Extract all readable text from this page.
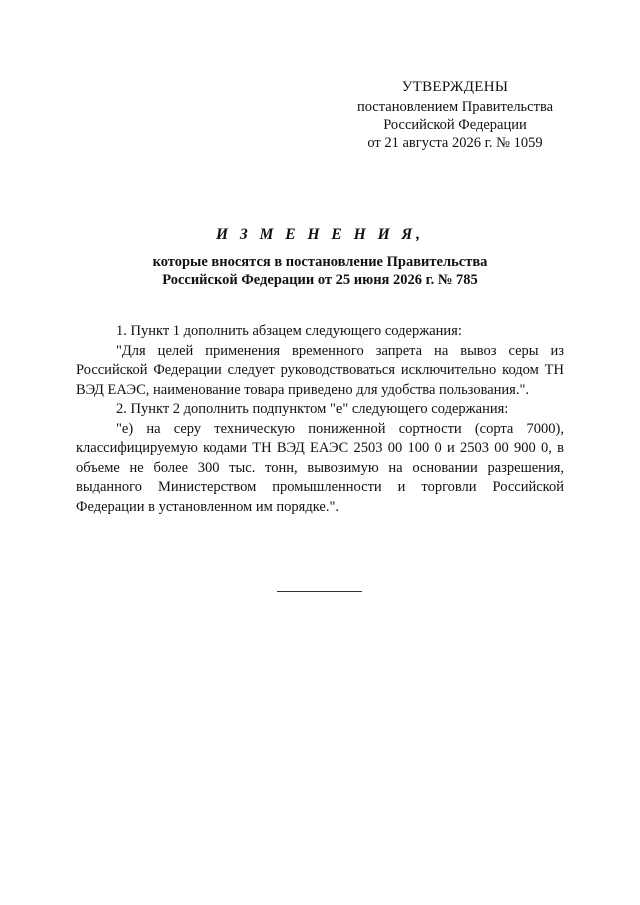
УТВЕРЖДЕНЫ
постановлением Правительства
Российской Федерации
от 21 августа 2026 г. № 1059
И З М Е Н Е Н И Я,
которые вносятся в постановление Правительства
Российской Федерации от 25 июня 2026 г. № 785

1. Пункт 1 дополнить абзацем следующего содержания:

"Для целей применения временного запрета на вывоз серы из Российской Федерации следует руководствоваться исключительно кодом ТН ВЭД ЕАЭС, наименование товара приведено для удобства пользования.".

2. Пункт 2 дополнить подпунктом "е" следующего содержания:

"е) на серу техническую пониженной сортности (сорта 7000), классифицируемую кодами ТН ВЭД ЕАЭС 2503 00 100 0 и 2503 00 900 0, в объеме не более 300 тыс. тонн, вывозимую на основании разрешения, выданного Министерством промышленности и торговли Российской Федерации в установленном им порядке.".
